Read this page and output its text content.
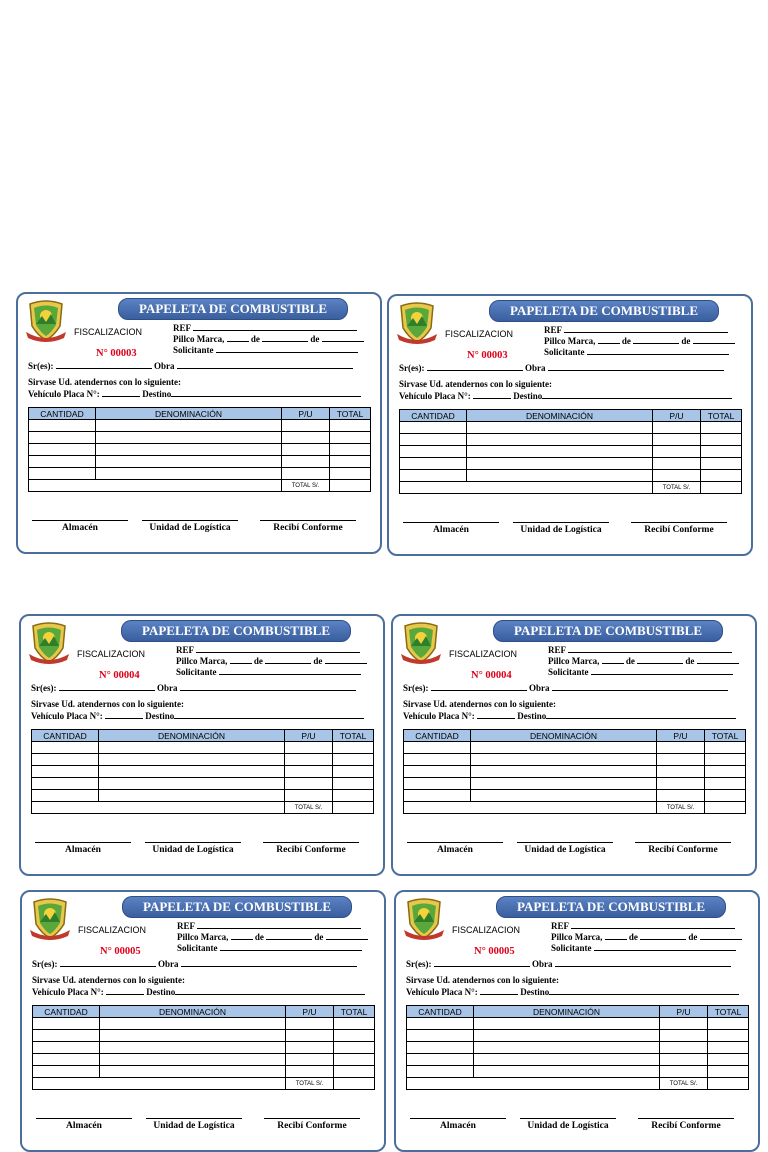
PAPELETA DE COMBUSTIBLE
FISCALIZACION
N° 00003
REF
Pillco Marca,	de	de
Solicitante
Sr(es):	Obra
Sirvase Ud. atendernos con lo siguiente:
Vehículo Placa N°:	Destino
CANTIDAD	DENOMINACIÓN	P/U	TOTAL

		TOTAL S/.	
Almacén	Unidad de Logística	Recibí Conforme
PAPELETA DE COMBUSTIBLE
FISCALIZACION
N° 00003
REF
Pillco Marca,	de	de
Solicitante
Sr(es):	Obra
Sirvase Ud. atendernos con lo siguiente:
Vehículo Placa N°:	Destino
CANTIDAD	DENOMINACIÓN	P/U	TOTAL

		TOTAL S/.	
Almacén	Unidad de Logística	Recibí Conforme
PAPELETA DE COMBUSTIBLE
FISCALIZACION
N° 00004
REF
Pillco Marca,	de	de
Solicitante
Sr(es):	Obra
Sirvase Ud. atendernos con lo siguiente:
Vehículo Placa N°:	Destino
CANTIDAD	DENOMINACIÓN	P/U	TOTAL

		TOTAL S/.	
Almacén	Unidad de Logística	Recibí Conforme
PAPELETA DE COMBUSTIBLE
FISCALIZACION
N° 00004
REF
Pillco Marca,	de	de
Solicitante
Sr(es):	Obra
Sirvase Ud. atendernos con lo siguiente:
Vehículo Placa N°:	Destino
CANTIDAD	DENOMINACIÓN	P/U	TOTAL

		TOTAL S/.	
Almacén	Unidad de Logística	Recibí Conforme
PAPELETA DE COMBUSTIBLE
FISCALIZACION
N° 00005
REF
Pillco Marca,	de	de
Solicitante
Sr(es):	Obra
Sirvase Ud. atendernos con lo siguiente:
Vehículo Placa N°:	Destino
CANTIDAD	DENOMINACIÓN	P/U	TOTAL

		TOTAL S/.	
Almacén	Unidad de Logística	Recibí Conforme
PAPELETA DE COMBUSTIBLE
FISCALIZACION
N° 00005
REF
Pillco Marca,	de	de
Solicitante
Sr(es):	Obra
Sirvase Ud. atendernos con lo siguiente:
Vehículo Placa N°:	Destino
CANTIDAD	DENOMINACIÓN	P/U	TOTAL

		TOTAL S/.	
Almacén	Unidad de Logística	Recibí Conforme
